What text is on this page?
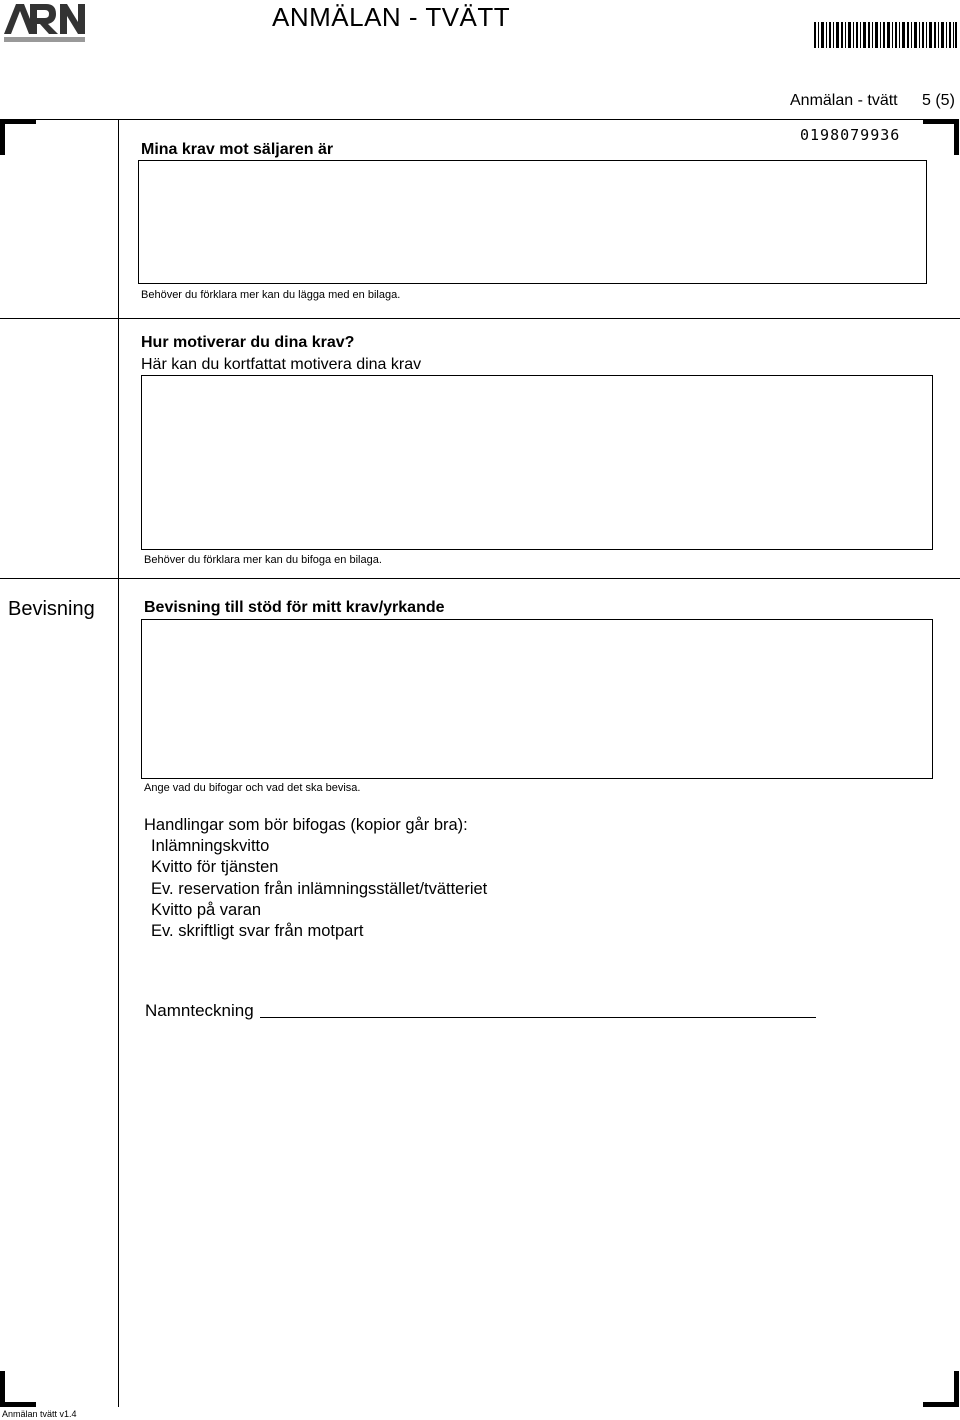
ANMÄLAN - TVÄTT
Anmälan - tvätt 5 (5)
0198079936
Mina krav mot säljaren är
Behöver du förklara mer kan du lägga med en bilaga.
Hur motiverar du dina krav?
Här kan du kortfattat motivera dina krav
Behöver du förklara mer kan du bifoga en bilaga.
Bevisning	Bevisning till stöd för mitt krav/yrkande
Ange vad du bifogar och vad det ska bevisa.
Handlingar som bör bifogas (kopior går bra):
Inlämningskvitto
Kvitto för tjänsten
Ev. reservation från inlämningsstället/tvätteriet
Kvitto på varan
Ev. skriftligt svar från motpart
Namnteckning
Anmälan tvätt v1.4
